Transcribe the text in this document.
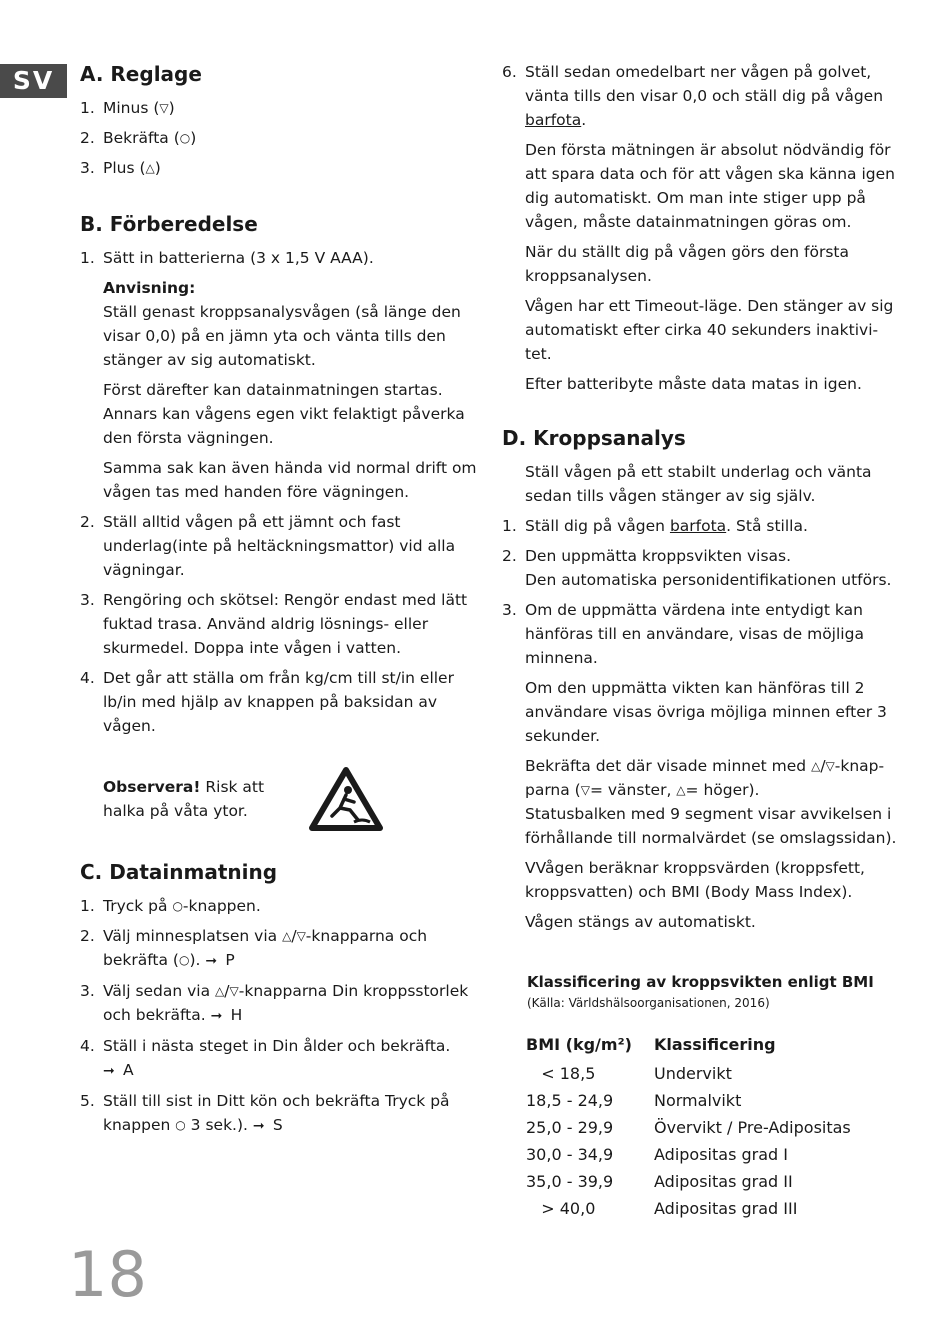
SV	A. Reglage
1. Minus (▽)
2. Bekräfta (○)
3. Plus (△)
B. Förberedelse
1. Sätt in batterierna (3 x 1,5 V AAA).
Anvisning:
Ställ genast kroppsanalysvågen (så länge den visar 0,0) på en jämn yta och vänta tills den stänger av sig automatiskt.
Först därefter kan datainmatningen startas. Annars kan vågens egen vikt felaktigt påverka den första vägningen.
Samma sak kan även hända vid normal drift om vågen tas med handen före vägningen.
2. Ställ alltid vågen på ett jämnt och fast underlag(inte på heltäckningsmattor) vid alla vägningar.
3. Rengöring och skötsel: Rengör endast med lätt fuktad trasa. Använd aldrig lösnings- eller skurmedel. Doppa inte vågen i vatten.
4. Det går att ställa om från kg/cm till st/in eller lb/in med hjälp av knappen på baksidan av vågen.
Observera! Risk att halka på våta ytor.
C. Datainmatning
1. Tryck på ○-knappen.
2. Välj minnesplatsen via △/▽-knapparna och bekräfta (○). ➞ P
3. Välj sedan via △/▽-knapparna Din kroppsstorlek och bekräfta. ➞ H
4. Ställ i nästa steget in Din ålder och bekräfta.
➞ A
5. Ställ till sist in Ditt kön och bekräfta Tryck på knappen ○ 3 sek.). ➞ S
6. Ställ sedan omedelbart ner vågen på golvet, vänta tills den visar 0,0 och ställ dig på vågen barfota.
Den första mätningen är absolut nödvändig för att spara data och för att vågen ska känna igen dig automatiskt. Om man inte stiger upp på vågen, måste datainmatningen göras om.
När du ställt dig på vågen görs den första kroppsanalysen.
Vågen har ett Timeout-läge. Den stänger av sig automatiskt efter cirka 40 sekunders inaktivi-tet.
Efter batteribyte måste data matas in igen.
D. Kroppsanalys
Ställ vågen på ett stabilt underlag och vänta sedan tills vågen stänger av sig själv.
1. Ställ dig på vågen barfota. Stå stilla.
2. Den uppmätta kroppsvikten visas.
Den automatiska personidentifikationen utförs.
3. Om de uppmätta värdena inte entydigt kan hänföras till en användare, visas de möjliga minnena.
Om den uppmätta vikten kan hänföras till 2 användare visas övriga möjliga minnen efter 3 sekunder.
Bekräfta det där visade minnet med △/▽-knap-parna (▽= vänster, △= höger).
Statusbalken med 9 segment visar avvikelsen i förhållande till normalvärdet (se omslagssidan).
VVågen beräknar kroppsvärden (kroppsfett, kroppsvatten) och BMI (Body Mass Index).
Vågen stängs av automatiskt.
Klassificering av kroppsvikten enligt BMI
(Källa: Världshälsoorganisationen, 2016)
BMI (kg/m²)	Klassificering
< 18,5	Undervikt
18,5 - 24,9	Normalvikt
25,0 - 29,9	Övervikt / Pre-Adipositas
30,0 - 34,9	Adipositas grad I
35,0 - 39,9	Adipositas grad II
> 40,0	Adipositas grad III
18
